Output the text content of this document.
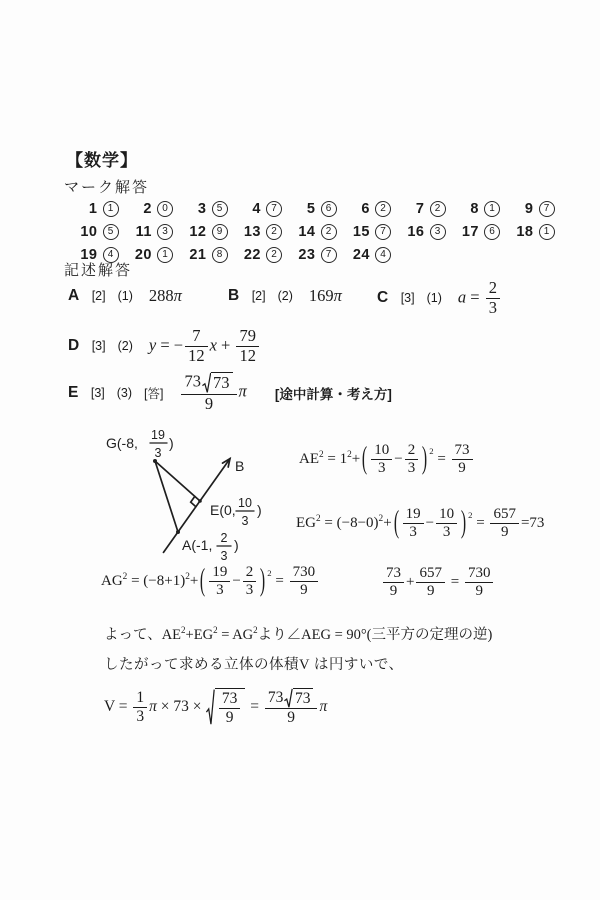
【数学】
マーク解答
1	1	2	0	3	5	4	7	5	6	6	2	7	2	8	1	9	7
10	5	11	3	12	9	13	2	14	2	15	7	16	3	17	6	18	1
19	4	20	1	21	8	22	2	23	7	24	4
記述解答
A [2] (1) 288π	B [2] (2) 169π C [3] (1) $a = \frac{2}{3}$
D [3] (2) y = − $\frac{7}{12}$ $x + \frac{79}{12}$
E [3] (3) [答] $\frac{73 73}{9}$ π [途中計算・考え方]
G(-8, 19
3
)
B
E(0, 10
3
)
A(-1, 2
3
)
$AE^2 = 1^2+$ ( $\frac{10}{3} - \frac{2}{3}$ ) $^2 = \frac{73}{9}$
$EG^2 = (-8-0)^2+$ ( $\frac{19}{3} - \frac{10}{3}$ ) $^2 = \frac{657}{9} =73$
$AG^2 = (-8+1)^2+$ ( $\frac{19}{3} - \frac{2}{3}$ ) $^2 = \frac{730}{9}$	$\frac{73}{9} + \frac{657}{9} = \frac{730}{9}$
よって、$AE^2+EG^2 = AG^2$より∠AEG = 90°(三平方の定理の逆)
したがって求める立体の体積V は円すいで、
$V = \frac{1}{3}$ $\pi \times 73 \times \frac{73}{9} = \frac{73 73}{9}$ π
